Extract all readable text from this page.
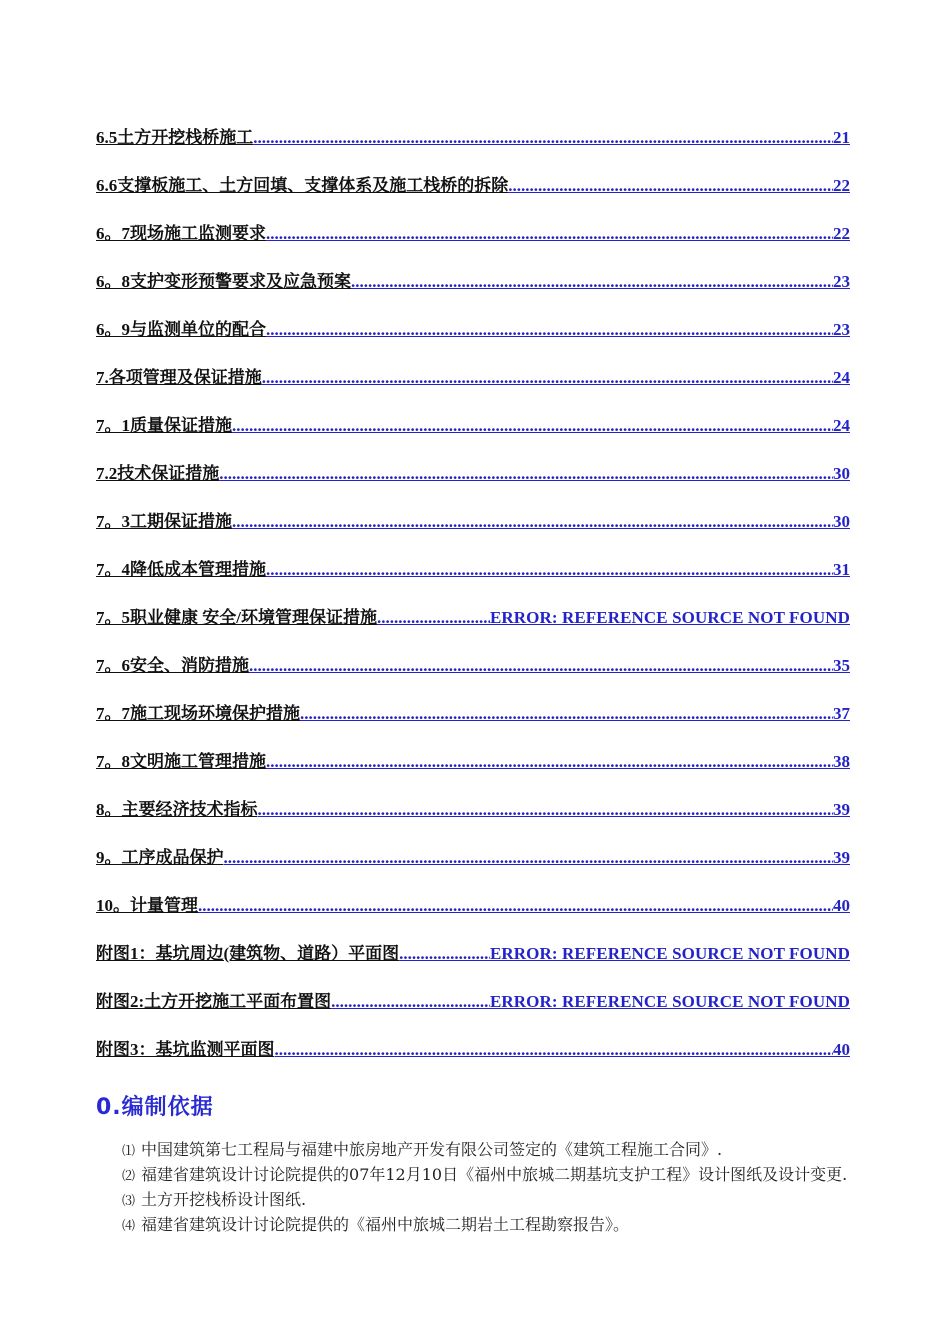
6.5土方开挖栈桥施工 .....	21
6.6支撑板施工、土方回填、支撑体系及施工栈桥的拆除 .....	22
6。7现场施工监测要求 .....	22
6。8支护变形预警要求及应急预案 .....	23
6。9与监测单位的配合 .....	23
7.各项管理及保证措施 .....	24
7。1质量保证措施 .....	24
7.2技术保证措施 .....	30
7。3工期保证措施 .....	30
7。4降低成本管理措施 .....	31
7。5职业健康 安全/环境管理保证措施 .....	ERROR: REFERENCE SOURCE NOT FOUND
7。6安全、消防措施 .....	35
7。7施工现场环境保护措施 .....	37
7。8文明施工管理措施 .....	38
8。主要经济技术指标 .....	39
9。工序成品保护 .....	39
10。计量管理 .....	40
附图1：基坑周边(建筑物、道路）平面图 .....	ERROR: REFERENCE SOURCE NOT FOUND
附图2:土方开挖施工平面布置图 .....	ERROR: REFERENCE SOURCE NOT FOUND
附图3：基坑监测平面图 .....	40
0.编制依据
⑴ 中国建筑第七工程局与福建中旅房地产开发有限公司签定的《建筑工程施工合同》.
⑵ 福建省建筑设计讨论院提供的07年12月10日《福州中旅城二期基坑支护工程》设计图纸及设计变更.
⑶ 土方开挖栈桥设计图纸.
⑷ 福建省建筑设计讨论院提供的《福州中旅城二期岩土工程勘察报告》。
